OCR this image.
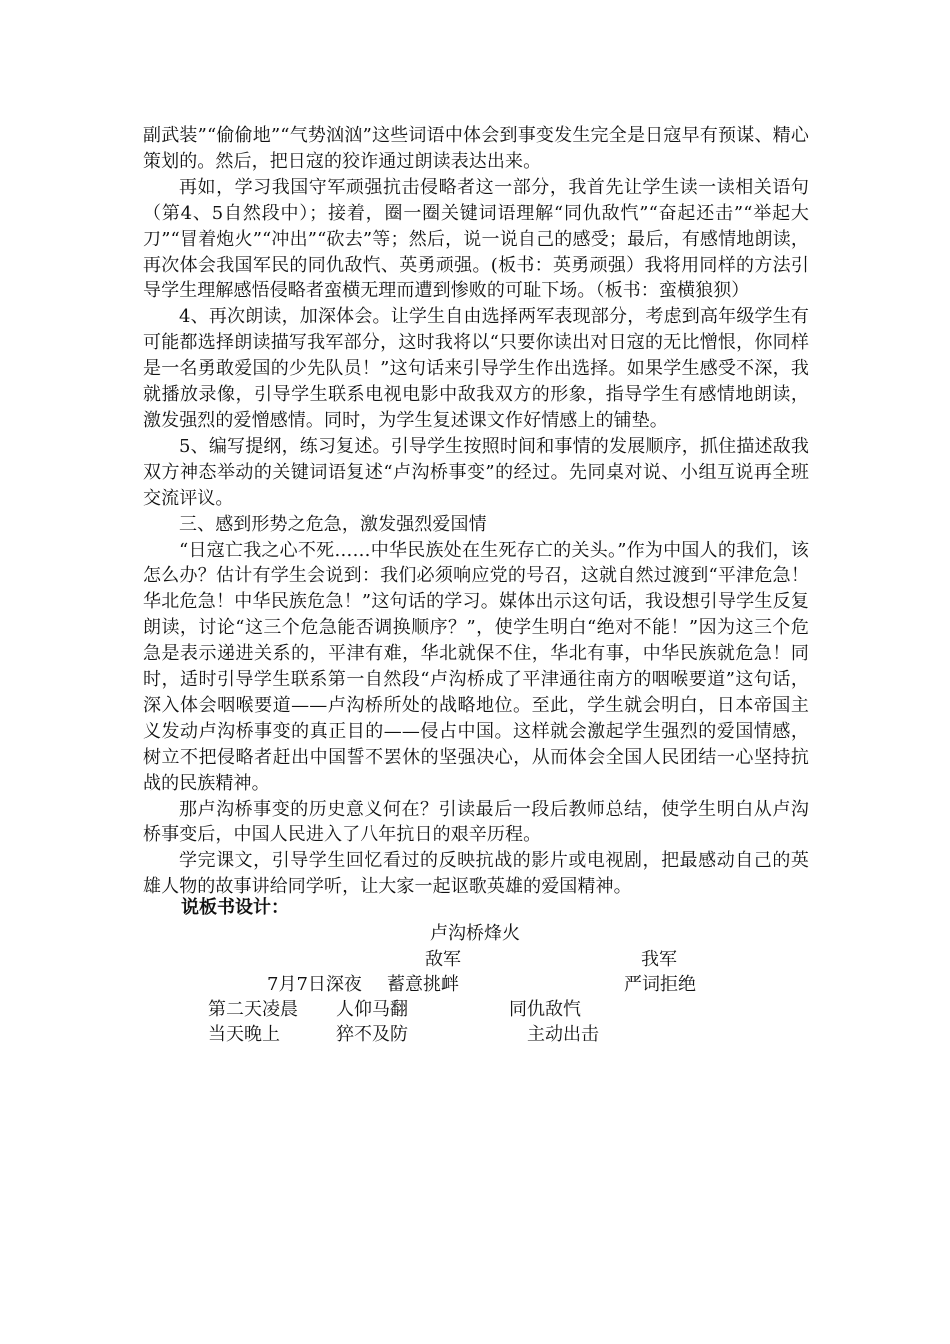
副武装”“偷偷地”“气势汹汹”这些词语中体会到事变发生完全是日寇早有预谋、精心策划的。然后，把日寇的狡诈通过朗读表达出来。

再如，学习我国守军顽强抗击侵略者这一部分，我首先让学生读一读相关语句（第4、5自然段中）；接着，圈一圈关键词语理解“同仇敌忾”“奋起还击”“举起大刀”“冒着炮火”“冲出”“砍去”等；然后，说一说自己的感受；最后，有感情地朗读，再次体会我国军民的同仇敌忾、英勇顽强。(板书：英勇顽强）我将用同样的方法引导学生理解感悟侵略者蛮横无理而遭到惨败的可耻下场。（板书：蛮横狼狈）

4、再次朗读，加深体会。让学生自由选择两军表现部分，考虑到高年级学生有可能都选择朗读描写我军部分，这时我将以“只要你读出对日寇的无比憎恨，你同样是一名勇敢爱国的少先队员！”这句话来引导学生作出选择。如果学生感受不深，我就播放录像，引导学生联系电视电影中敌我双方的形象，指导学生有感情地朗读，激发强烈的爱憎感情。同时，为学生复述课文作好情感上的铺垫。

5、编写提纲，练习复述。引导学生按照时间和事情的发展顺序，抓住描述敌我双方神态举动的关键词语复述“卢沟桥事变”的经过。先同桌对说、小组互说再全班交流评议。

三、感到形势之危急，激发强烈爱国情

“日寇亡我之心不死……中华民族处在生死存亡的关头。”作为中国人的我们，该怎么办？估计有学生会说到：我们必须响应党的号召，这就自然过渡到“平津危急！华北危急！中华民族危急！”这句话的学习。媒体出示这句话，我设想引导学生反复朗读，讨论“这三个危急能否调换顺序？”，使学生明白“绝对不能！”因为这三个危急是表示递进关系的，平津有难，华北就保不住，华北有事，中华民族就危急！同时，适时引导学生联系第一自然段“卢沟桥成了平津通往南方的咽喉要道”这句话，深入体会咽喉要道——卢沟桥所处的战略地位。至此，学生就会明白，日本帝国主义发动卢沟桥事变的真正目的——侵占中国。这样就会激起学生强烈的爱国情感，树立不把侵略者赶出中国誓不罢休的坚强决心，从而体会全国人民团结一心坚持抗战的民族精神。

那卢沟桥事变的历史意义何在？引读最后一段后教师总结，使学生明白从卢沟桥事变后，中国人民进入了八年抗日的艰辛历程。

学完课文，引导学生回忆看过的反映抗战的影片或电视剧，把最感动自己的英雄人物的故事讲给同学听，让大家一起讴歌英雄的爱国精神。

说板书设计：
卢沟桥烽火
敌军	我军
7月7日深夜 蓄意挑衅	严词拒绝
第二天凌晨 人仰马翻	同仇敌忾
当天晚上	猝不及防	主动出击
